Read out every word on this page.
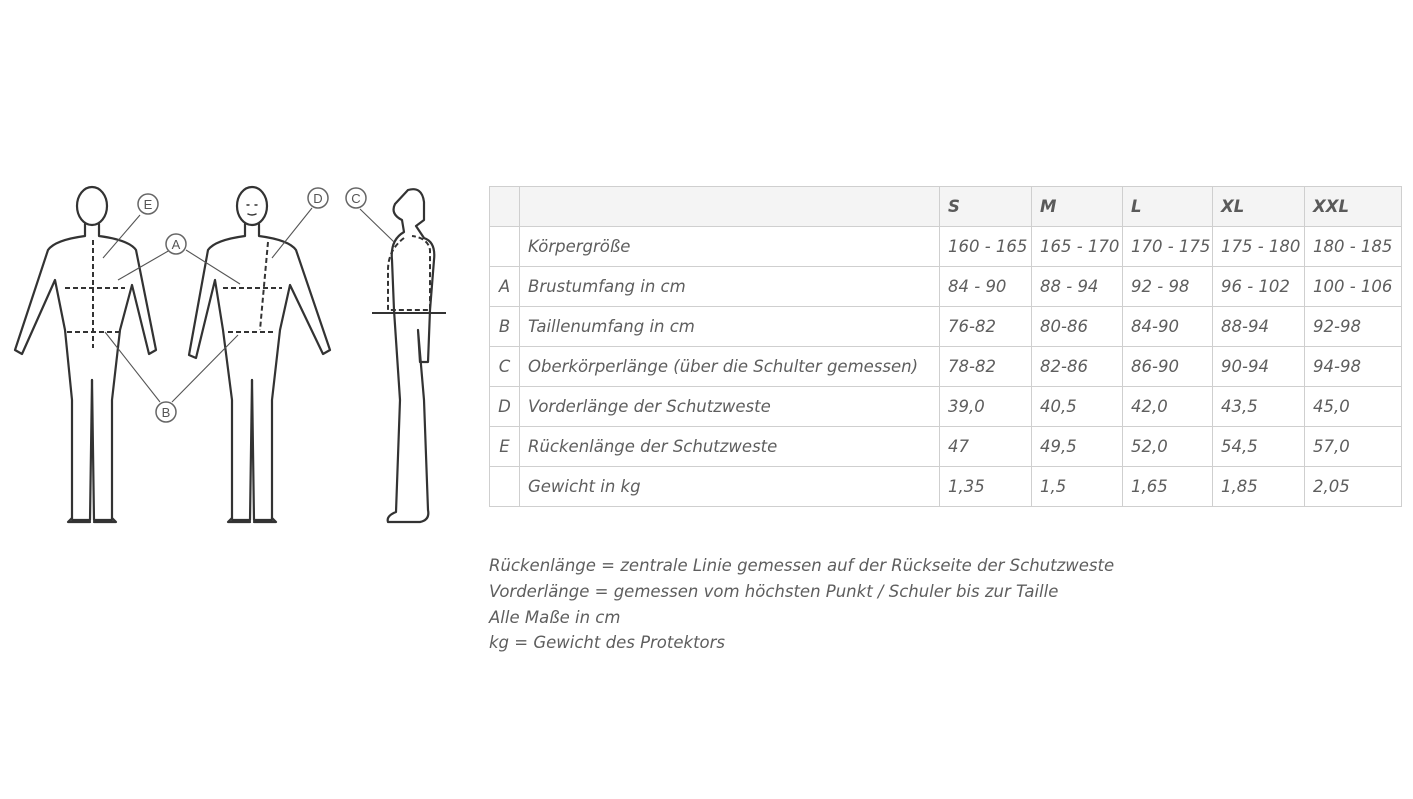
E
A
B
D C
			S	M	L	XL	XXL
	Körpergröße	160 - 165	165 - 170	170 - 175	175 - 180	180 - 185
A	Brustumfang in cm	84 - 90	88 - 94	92 - 98	96 - 102	100 - 106
B	Taillenumfang in cm	76-82	80-86	84-90	88-94	92-98
C	Oberkörperlänge (über die Schulter gemessen)	78-82	82-86	86-90	90-94	94-98
D	Vorderlänge der Schutzweste	39,0	40,5	42,0	43,5	45,0
E	Rückenlänge der Schutzweste	47	49,5	52,0	54,5	57,0
	Gewicht in kg	1,35	1,5	1,65	1,85	2,05
Rückenlänge = zentrale Linie gemessen auf der Rückseite der Schutzweste
Vorderlänge = gemessen vom höchsten Punkt / Schuler bis zur Taille
Alle Maße in cm
kg = Gewicht des Protektors
